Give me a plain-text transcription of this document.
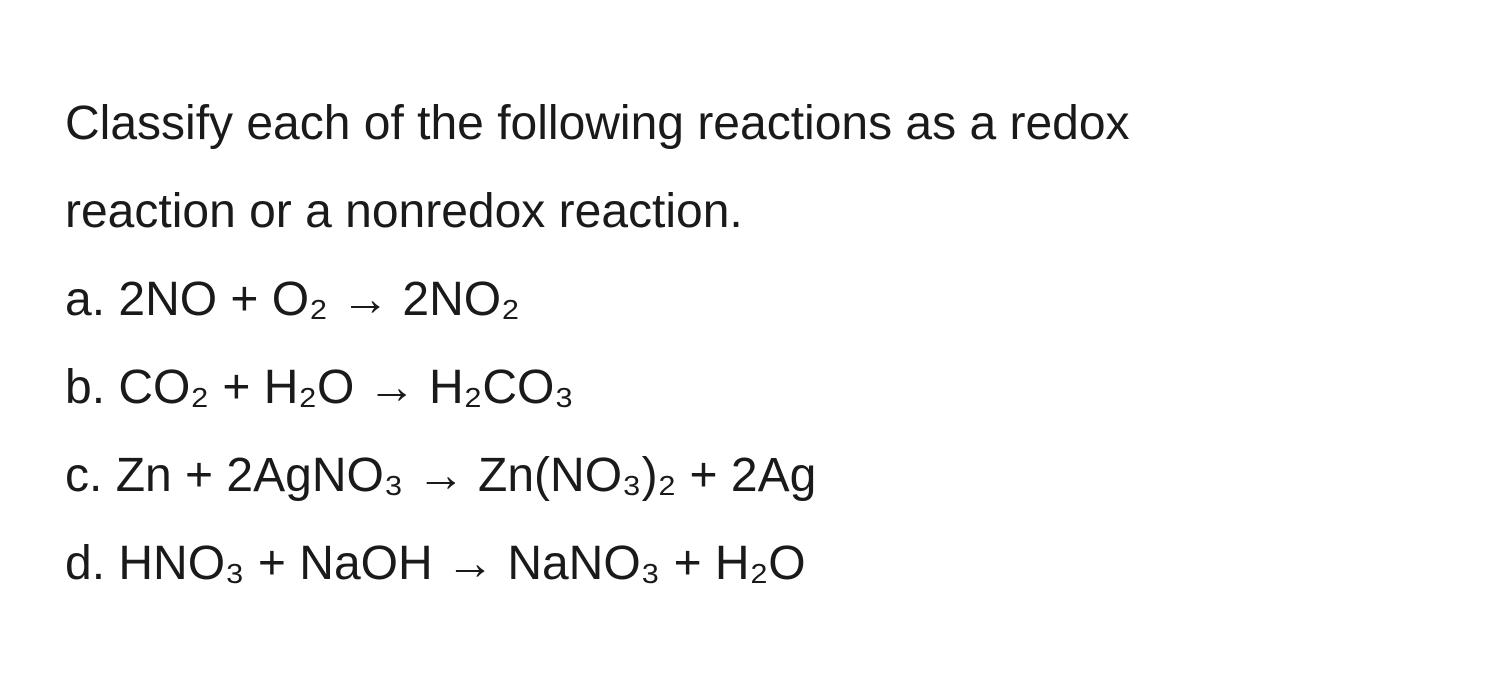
Classify each of the following reactions as a redox
reaction or a nonredox reaction.
a. 2NO + O₂ → 2NO₂
b. CO₂ + H₂O → H₂CO₃
c. Zn + 2AgNO₃ → Zn(NO₃)₂ + 2Ag
d. HNO₃ + NaOH → NaNO₃ + H₂O
